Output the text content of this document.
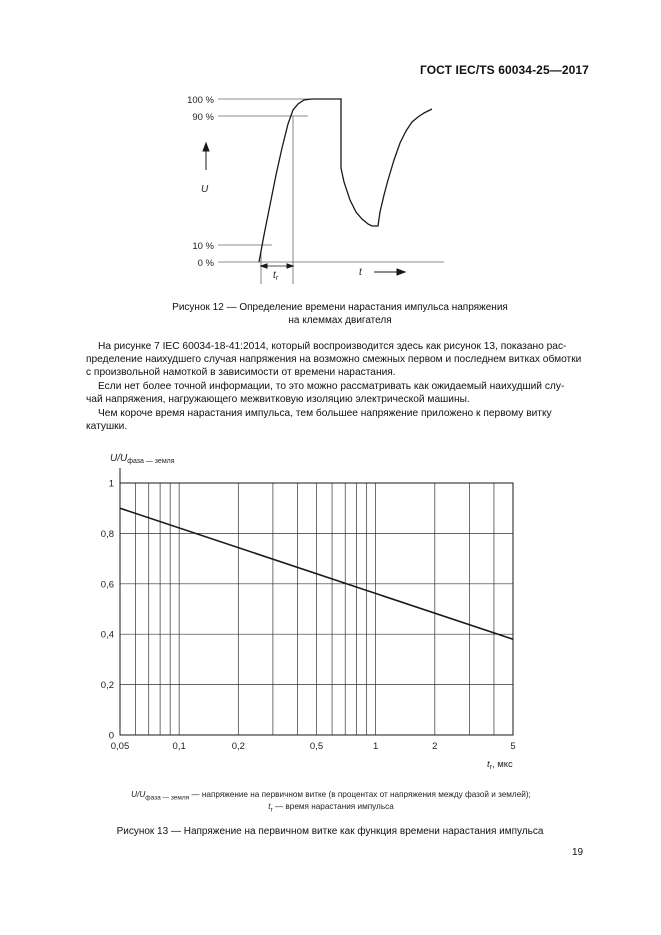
ГОСТ IEC/TS 60034-25—2017
100 %
90 %
10 %
0 %
U
$t_r$
t
Рисунок 12 — Определение времени нарастания импульса напряжения
на клеммах двигателя
На рисунке 7 IEC 60034-18-41:2014, который воспроизводится здесь как рисунок 13, показано рас-
пределение наихудшего случая напряжения на возможно смежных первом и последнем витках обмотки
с произвольной намоткой в зависимости от времени нарастания.
Если нет более точной информации, то это можно рассматривать как ожидаемый наихудший слу-
чай напряжения, нагружающего межвитковую изоляцию электрической машины.
Чем короче время нарастания импульса, тем большее напряжение приложено к первому витку
катушки.
0,05	0,1	0,2	0,5	1	2	5
0
0,2
0,4
0,6
0,8
1
$U/U_{фаза — земля}$
$t_r$, мкс
$U/U_{фаза — земля}$ — напряжение на первичном витке (в процентах от напряжения между фазой и землей);
$t_r$ — время нарастания импульса
Рисунок 13 — Напряжение на первичном витке как функция времени нарастания импульса
19
